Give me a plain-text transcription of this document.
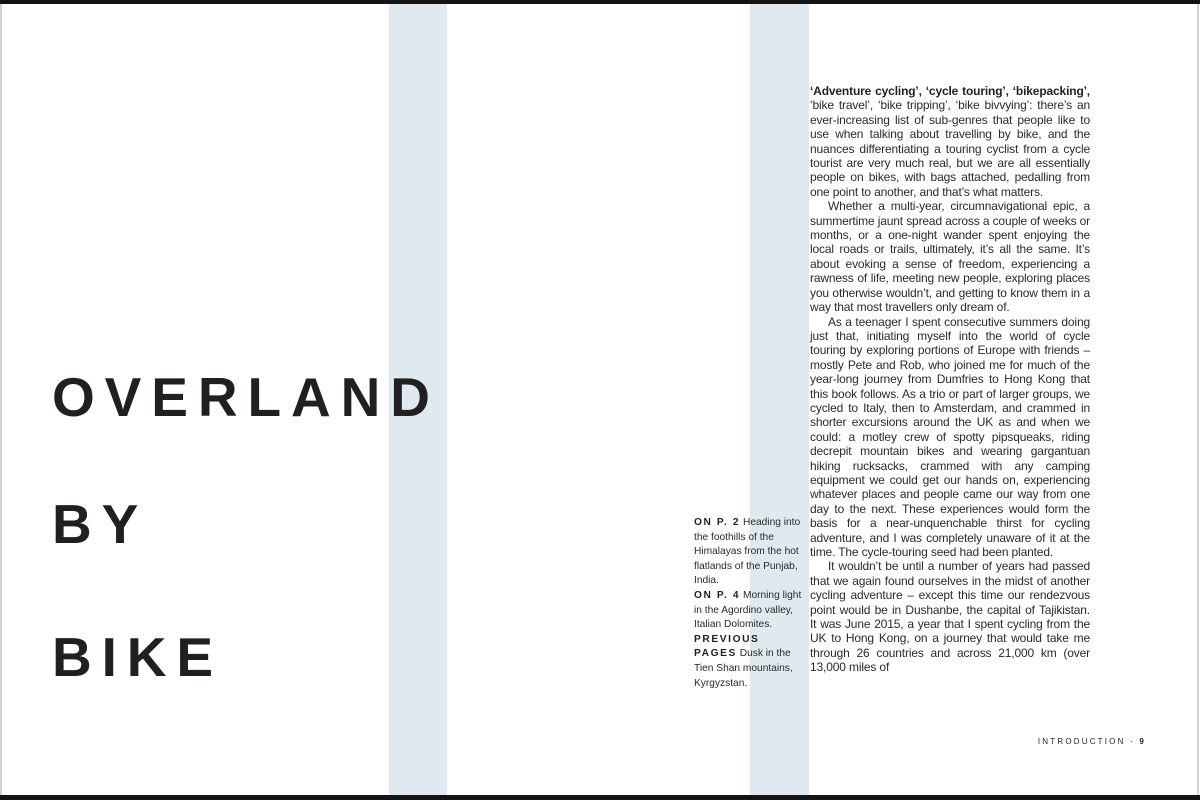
OVERLAND
BY
BIKE

ON P. 2 Heading into the foothills of the Himalayas from the hot flatlands of the Punjab, India.

ON P. 4 Morning light in the Agordino valley, Italian Dolomites.

PREVIOUS PAGES Dusk in the Tien Shan mountains, Kyrgyzstan.

‘Adventure cycling’, ‘cycle touring’, ‘bikepacking’, ‘bike travel’, ‘bike tripping’, ‘bike bivvying’: there’s an ever-increasing list of sub-genres that people like to use when talking about travelling by bike, and the nuances differentiating a touring cyclist from a cycle tourist are very much real, but we are all essentially people on bikes, with bags attached, pedalling from one point to another, and that’s what matters.

Whether a multi-year, circumnavigational epic, a summertime jaunt spread across a couple of weeks or months, or a one-night wander spent enjoying the local roads or trails, ultimately, it’s all the same. It’s about evoking a sense of freedom, experiencing a rawness of life, meeting new people, exploring places you otherwise wouldn’t, and getting to know them in a way that most travellers only dream of.

As a teenager I spent consecutive summers doing just that, initiating myself into the world of cycle touring by exploring portions of Europe with friends – mostly Pete and Rob, who joined me for much of the year-long journey from Dumfries to Hong Kong that this book follows. As a trio or part of larger groups, we cycled to Italy, then to Amsterdam, and crammed in shorter excursions around the UK as and when we could: a motley crew of spotty pipsqueaks, riding decrepit mountain bikes and wearing gargantuan hiking rucksacks, crammed with any camping equipment we could get our hands on, experiencing whatever places and people came our way from one day to the next. These experiences would form the basis for a near-unquenchable thirst for cycling adventure, and I was completely unaware of it at the time. The cycle-touring seed had been planted.

It wouldn’t be until a number of years had passed that we again found ourselves in the midst of another cycling adventure – except this time our rendezvous point would be in Dushanbe, the capital of Tajikistan. It was June 2015, a year that I spent cycling from the UK to Hong Kong, on a journey that would take me through 26 countries and across 21,000 km (over 13,000 miles of

INTRODUCTION · 9
